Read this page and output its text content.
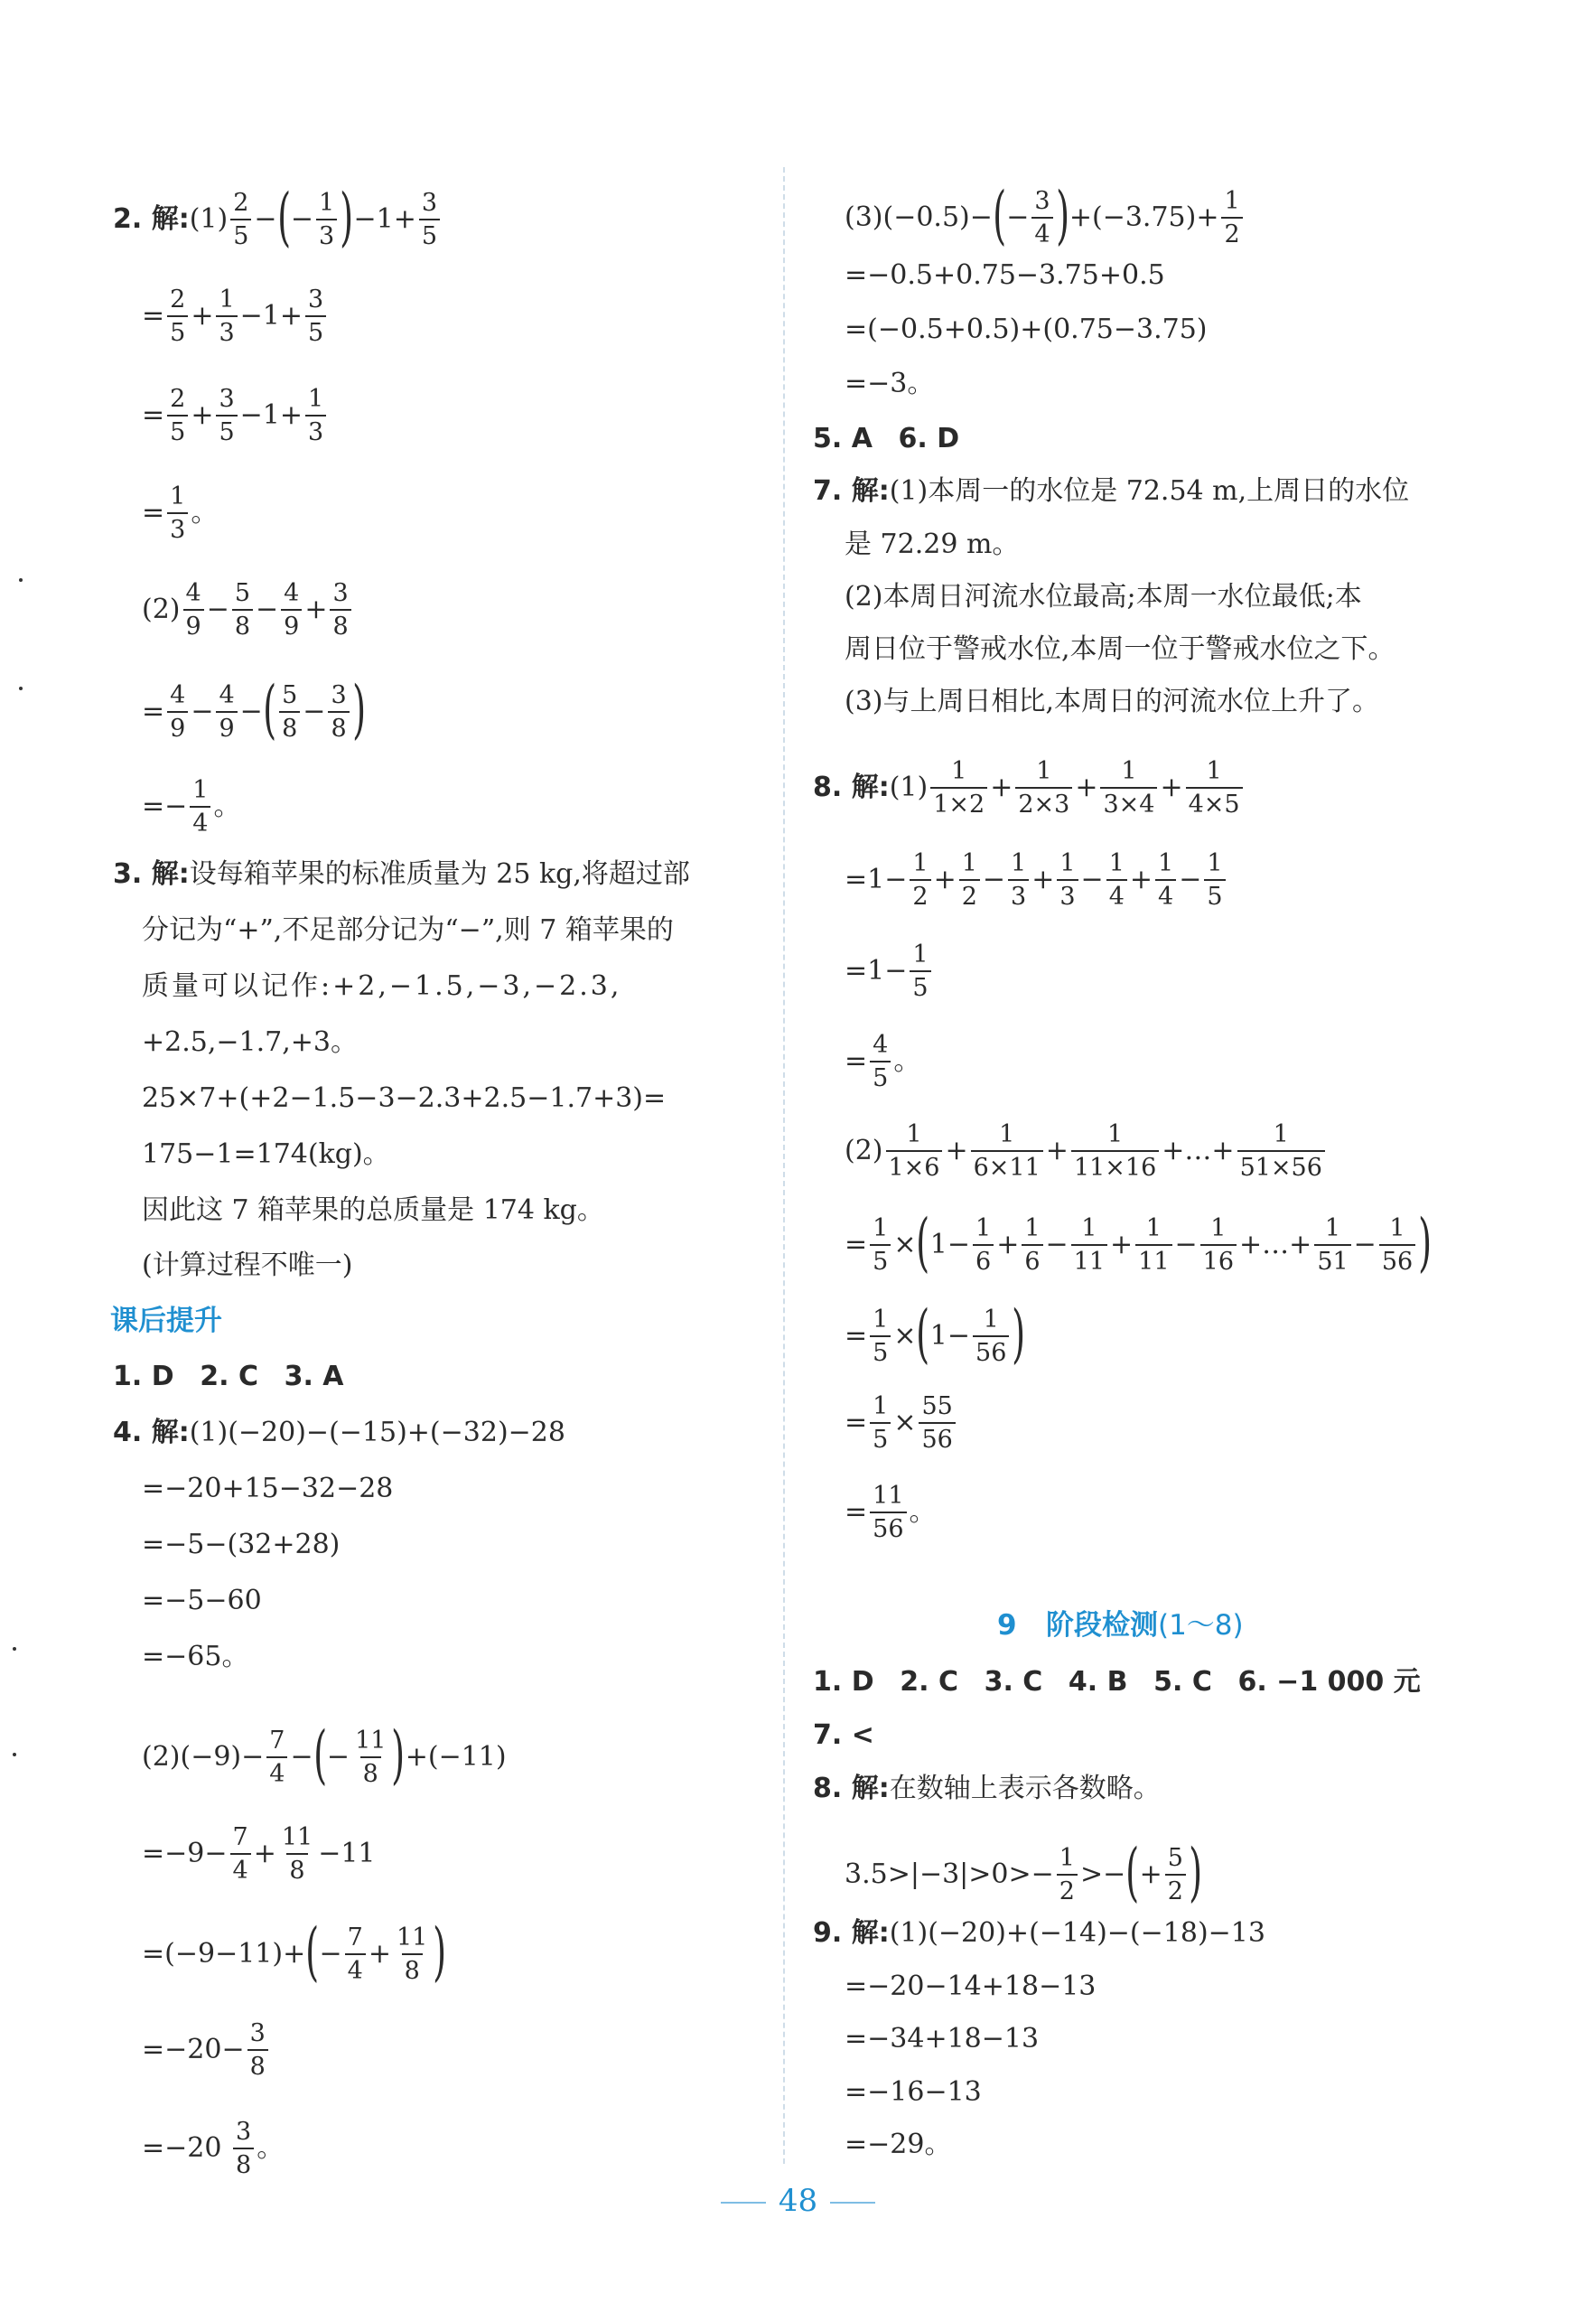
2. 解 : (1)
2
5
− ( − $\frac{1}{3}$ ) $-1+ \frac{3}{5}$
= $\frac{2}{5} + \frac{1}{3} -1+ \frac{3}{5}$
= $\frac{2}{5} + \frac{3}{5} -1+ \frac{1}{3}$
= $\frac{1}{3}$ 。
(2)
4
9
− $\frac{5}{8} - \frac{4}{9} + \frac{3}{8}$
= $\frac{4}{9} - \frac{4}{9}$ − ( 5
8
− $\frac{3}{8}$ )
=− $\frac{1}{4}$ 。
3. 解:设每箱苹果的标准质量为 25 kg,将超过部
分记为“+”,不足部分记为“−”,则 7 箱苹果的
质量可以记作:+2,−1.5,−3,−2.3,
+2.5,−1.7,+3。
25×7+(+2−1.5−3−2.3+2.5−1.7+3)=
175−1=174(kg)。
因此这 7 箱苹果的总质量是 174 kg。
(计算过程不唯一)
课后提升
1. D 2. C 3. A
4. 解:(1)(−20)−(−15)+(−32)−28
=−20+15−32−28
=−5−(32+28)
=−5−60
=−65。
(2) $(-9)- \frac{7}{4}$ − ( − $\frac{11}{8}$ ) +(−11)
$=-9- \frac{7}{4} + \frac{11}{8} -11$
=(−9−11)+ ( − $\frac{7}{4} + \frac{11}{8}$ )
$=-20- \frac{3}{8}$
=−20

3
8
。
(3) (−0.5)− ( − $\frac{3}{4}$ ) $+(-3.75)+ \frac{1}{2}$
=−0.5+0.75−3.75+0.5
=(−0.5+0.5)+(0.75−3.75)
=−3。
5. A 6. D
7. 解:(1)本周一的水位是 72.54 m,上周日的水位
是 72.29 m。
(2)本周日河流水位最高;本周一水位最低;本
周日位于警戒水位,本周一位于警戒水位之下。
(3)与上周日相比,本周日的河流水位上升了。
8. 解 : (1)
1
1×2
+ $\frac{1}{2\times 3} + \frac{1}{3\times 4} + \frac{1}{4\times 5}$
= $1- \frac{1}{2} + \frac{1}{2} - \frac{1}{3} + \frac{1}{3} - \frac{1}{4} + \frac{1}{4} - \frac{1}{5}$
= $1- \frac{1}{5}$
= $\frac{4}{5}$ 。
(2)
1
1×6
+ $\frac{1}{6\times 11} + \frac{1}{11\times 16}$ +…+ $\frac{1}{51\times 56}$
= $\frac{1}{5}$ × ( $1- \frac{1}{6} + \frac{1}{6} - \frac{1}{11} + \frac{1}{11} - \frac{1}{16}$ +…+ $\frac{1}{51} - \frac{1}{56}$ )
= $\frac{1}{5}$ × ( $1- \frac{1}{56}$ )
= $\frac{1}{5} \times \frac{55}{56}$
= $\frac{11}{56}$ 。
9 阶段检测(1～8)
1. D 2. C 3. C 4. B 5. C 6. −1 000 元
7. <
8. 解:在数轴上表示各数略。
$3.5>|-3|>0>- \frac{1}{2}$ >− ( + $\frac{5}{2}$ )
9. 解:(1)(−20)+(−14)−(−18)−13
=−20−14+18−13
=−34+18−13
=−16−13
=−29。
48
